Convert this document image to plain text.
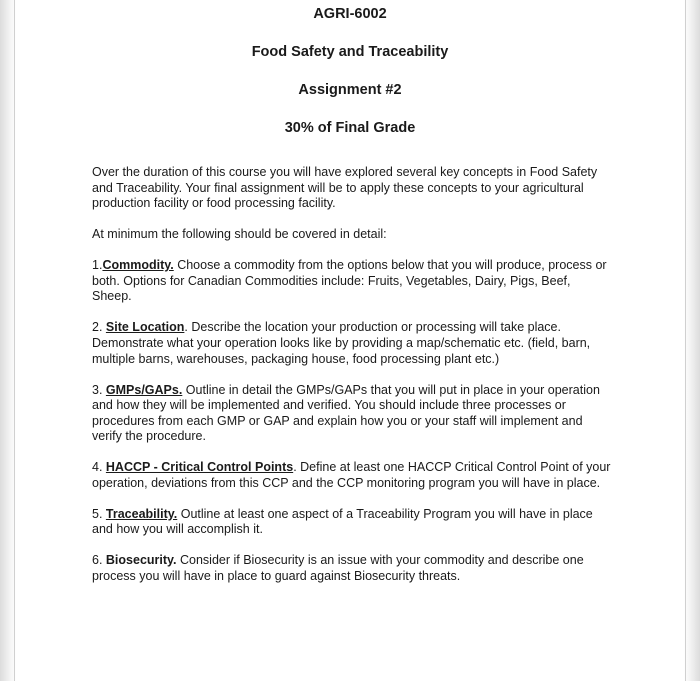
AGRI-6002
Food Safety and Traceability
Assignment #2
30% of Final Grade

Over the duration of this course you will have explored several key concepts in Food Safety and Traceability. Your final assignment will be to apply these concepts to your agricultural production facility or food processing facility.

At minimum the following should be covered in detail:

1.Commodity. Choose a commodity from the options below that you will produce, process or both. Options for Canadian Commodities include: Fruits, Vegetables, Dairy, Pigs, Beef, Sheep.

2. Site Location. Describe the location your production or processing will take place. Demonstrate what your operation looks like by providing a map/schematic etc. (field, barn, multiple barns, warehouses, packaging house, food processing plant etc.)

3. GMPs/GAPs. Outline in detail the GMPs/GAPs that you will put in place in your operation and how they will be implemented and verified. You should include three processes or procedures from each GMP or GAP and explain how you or your staff will implement and verify the procedure.

4. HACCP - Critical Control Points. Define at least one HACCP Critical Control Point of your operation, deviations from this CCP and the CCP monitoring program you will have in place.

5. Traceability. Outline at least one aspect of a Traceability Program you will have in place and how you will accomplish it.

6. Biosecurity. Consider if Biosecurity is an issue with your commodity and describe one process you will have in place to guard against Biosecurity threats.
